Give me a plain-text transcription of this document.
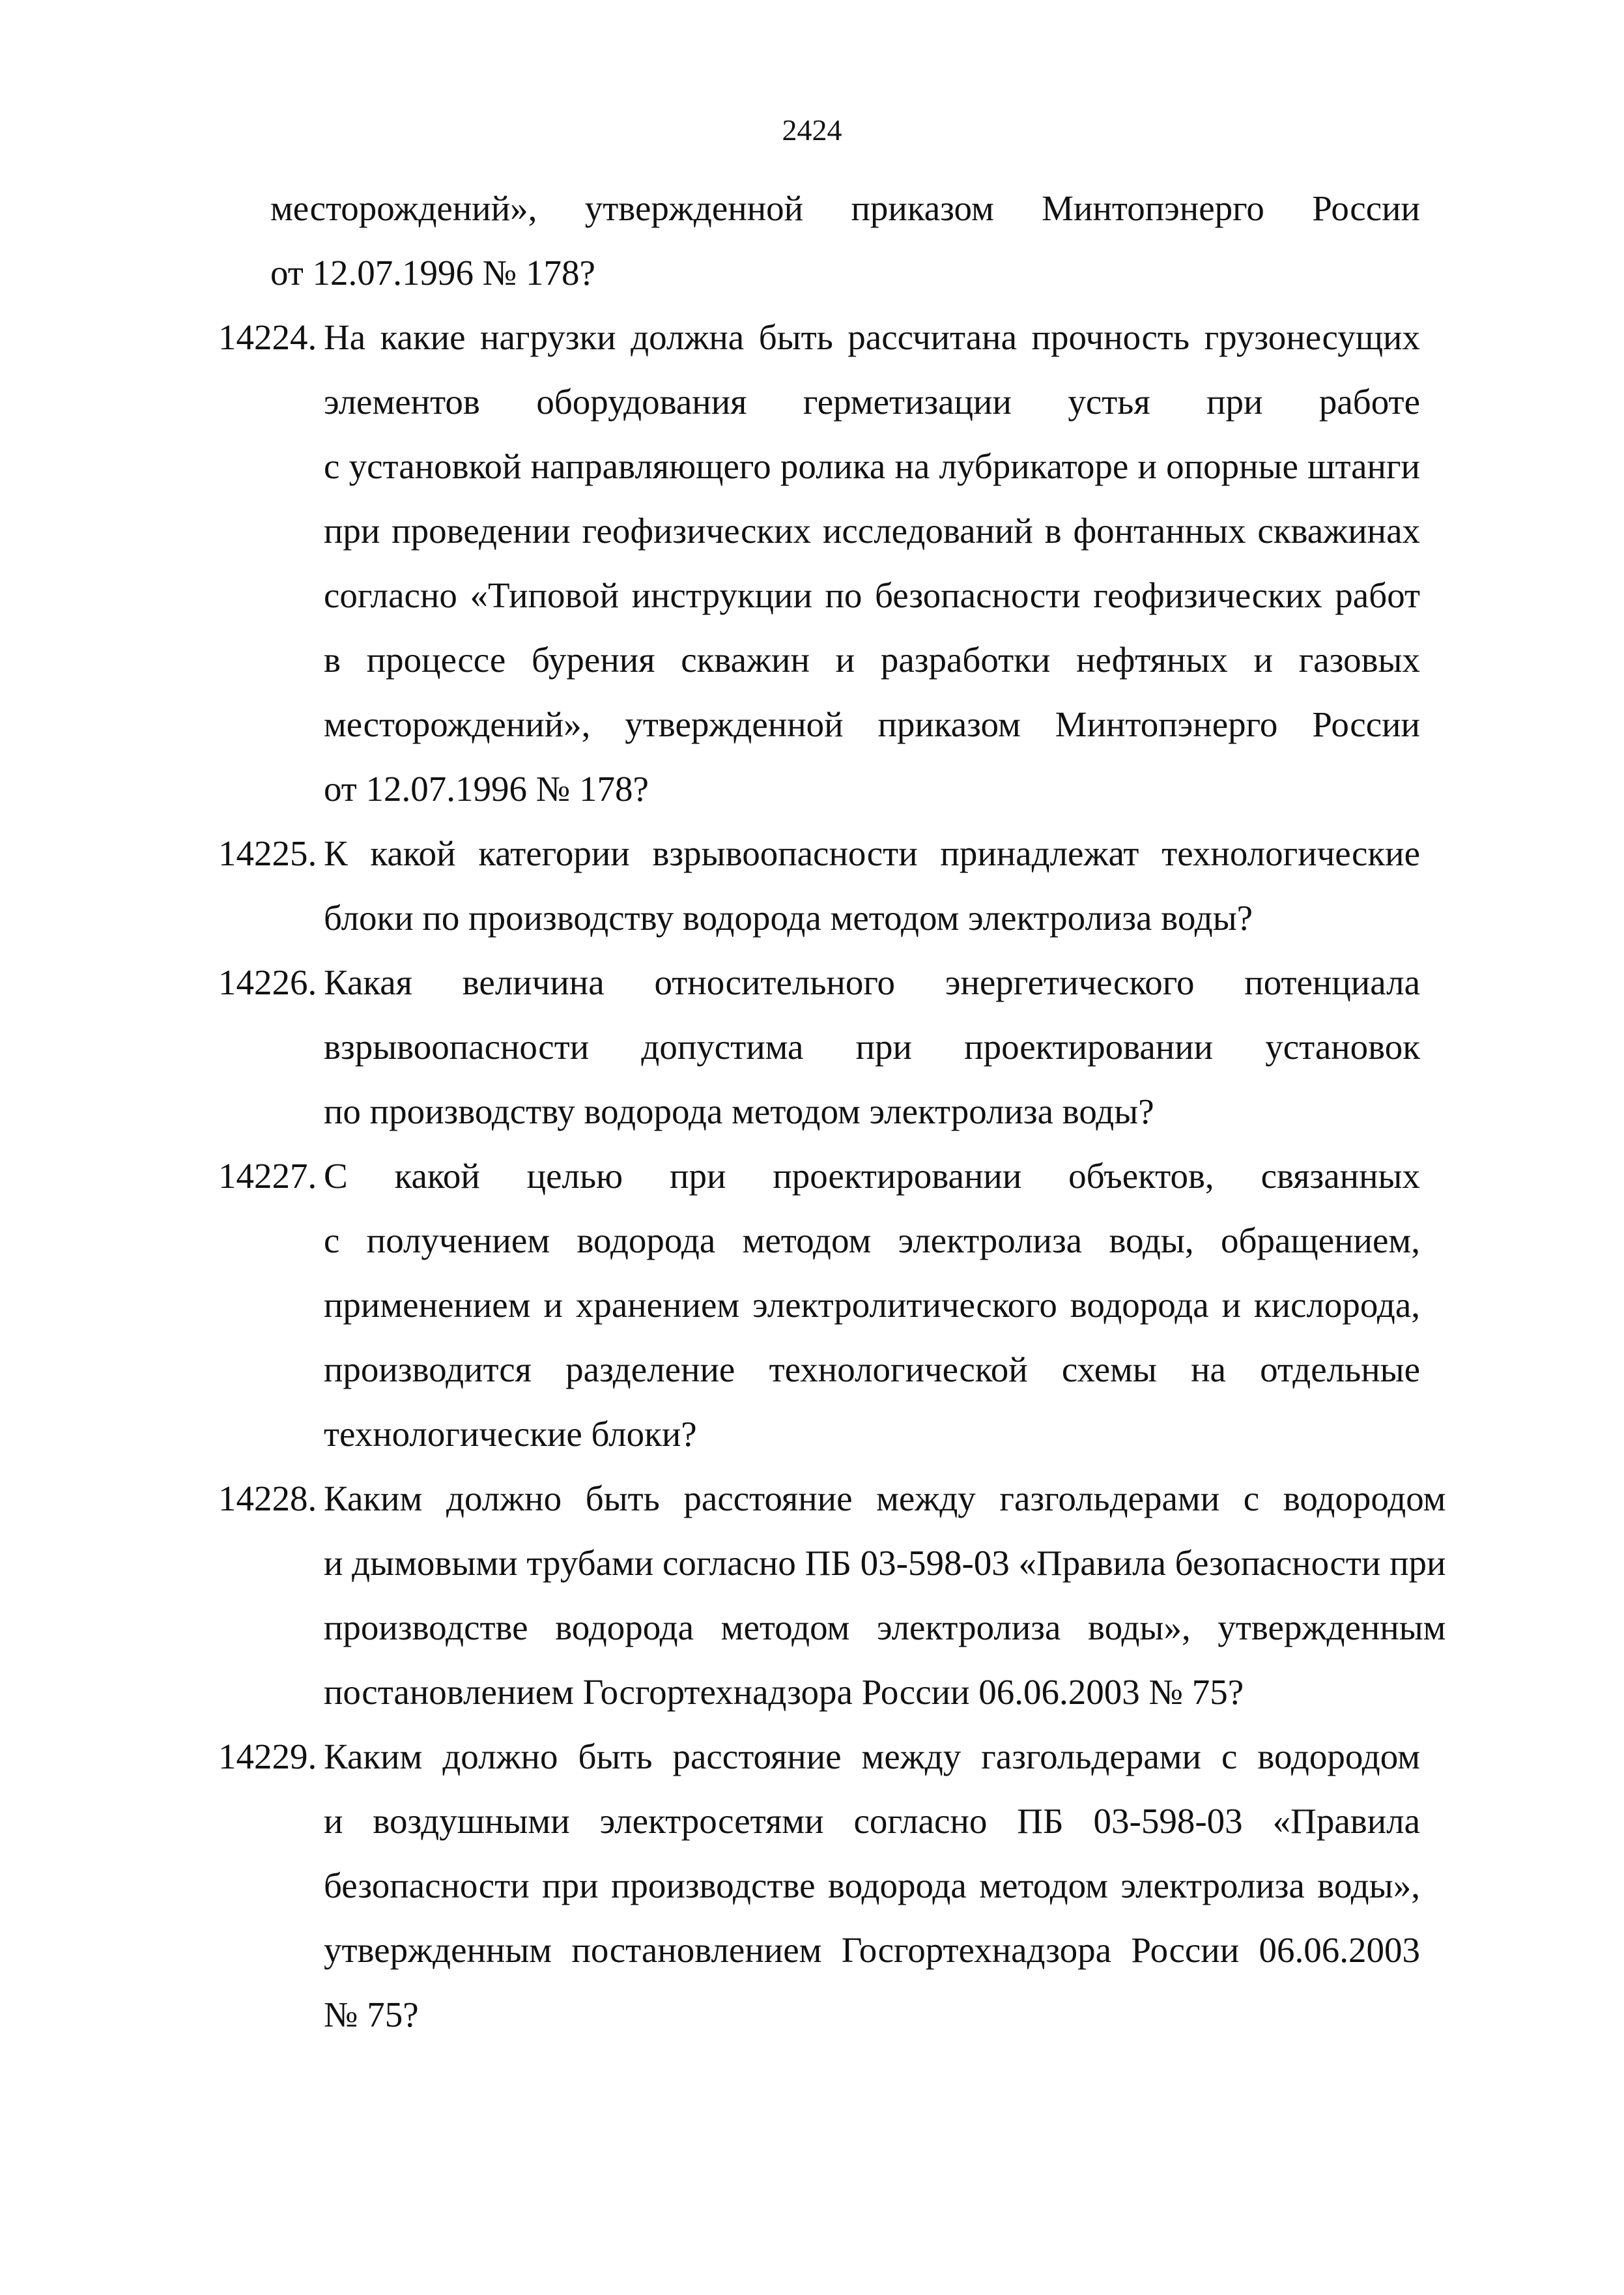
2424
месторождений», утвержденной приказом Минтопэнерго России
от 12.07.1996 № 178?
14224. На какие нагрузки должна быть рассчитана прочность грузонесущих
элементов оборудования герметизации устья при работе
с установкой направляющего ролика на лубрикаторе и опорные штанги
при проведении геофизических исследований в фонтанных скважинах
согласно «Типовой инструкции по безопасности геофизических работ
в процессе бурения скважин и разработки нефтяных и газовых
месторождений», утвержденной приказом Минтопэнерго России
от 12.07.1996 № 178?
14225. К какой категории взрывоопасности принадлежат технологические
блоки по производству водорода методом электролиза воды?
14226. Какая величина относительного энергетического потенциала
взрывоопасности допустима при проектировании установок
по производству водорода методом электролиза воды?
14227. С какой целью при проектировании объектов, связанных
с получением водорода методом электролиза воды, обращением,
применением и хранением электролитического водорода и кислорода,
производится разделение технологической схемы на отдельные
технологические блоки?
14228. Каким должно быть расстояние между газгольдерами с водородом
и дымовыми трубами согласно ПБ 03-598-03 «Правила безопасности при
производстве водорода методом электролиза воды», утвержденным
постановлением Госгортехнадзора России 06.06.2003 № 75?
14229. Каким должно быть расстояние между газгольдерами с водородом
и воздушными электросетями согласно ПБ 03-598-03 «Правила
безопасности при производстве водорода методом электролиза воды»,
утвержденным постановлением Госгортехнадзора России 06.06.2003
№ 75?
